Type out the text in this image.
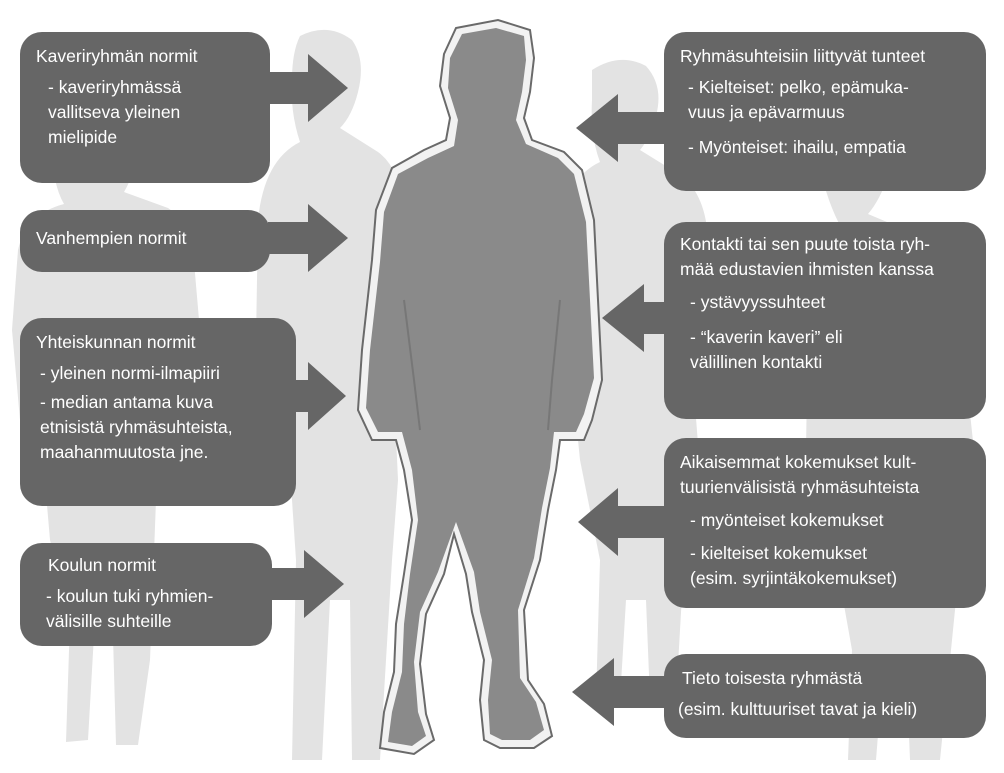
Kaveriryhmän normit
- kaveriryhmässä
vallitseva yleinen
mielipide
Vanhempien normit
Yhteiskunnan normit
- yleinen normi-ilmapiiri
- median antama kuva
etnisistä ryhmäsuhteista,
maahanmuutosta jne.
Koulun normit
- koulun tuki ryhmien-
välisille suhteille
Ryhmäsuhteisiin liittyvät tunteet
- Kielteiset: pelko, epämuka-
vuus ja epävarmuus
- Myönteiset: ihailu, empatia
Kontakti tai sen puute toista ryh-
mää edustavien ihmisten kanssa
- ystävyyssuhteet
- “kaverin kaveri” eli
välillinen kontakti
Aikaisemmat kokemukset kult-
tuurienvälisistä ryhmäsuhteista
- myönteiset kokemukset
- kielteiset kokemukset
(esim. syrjintäkokemukset)
Tieto toisesta ryhmästä
(esim. kulttuuriset tavat ja kieli)
